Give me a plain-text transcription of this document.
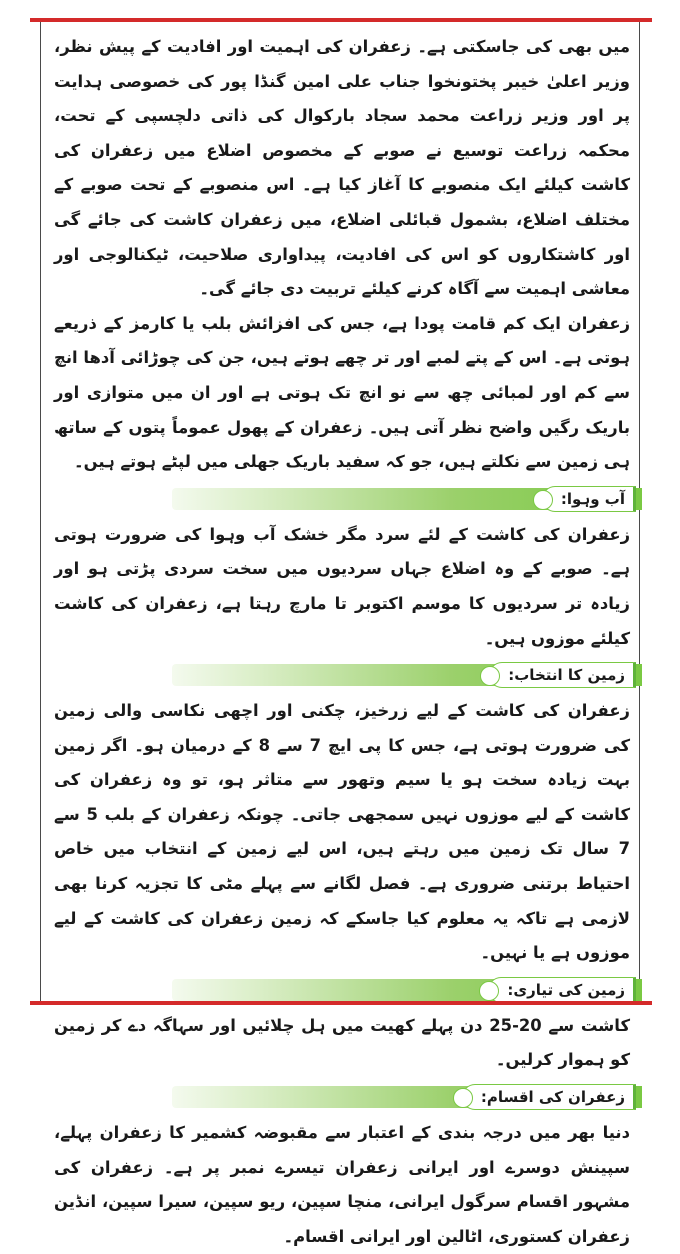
میں بھی کی جاسکتی ہے۔ زعفران کی اہمیت اور افادیت کے پیش نظر، وزیر اعلیٰ خیبر پختونخوا جناب علی امین گنڈا پور کی خصوصی ہدایت پر اور وزیر زراعت محمد سجاد بارکوال کی ذاتی دلچسپی کے تحت، محکمہ زراعت توسیع نے صوبے کے مخصوص اضلاع میں زعفران کی کاشت کیلئے ایک منصوبے کا آغاز کیا ہے۔ اس منصوبے کے تحت صوبے کے مختلف اضلاع، بشمول قبائلی اضلاع، میں زعفران کاشت کی جائے گی اور کاشتکاروں کو اس کی افادیت، پیداواری صلاحیت، ٹیکنالوجی اور معاشی اہمیت سے آگاہ کرنے کیلئے تربیت دی جائے گی۔

زعفران ایک کم قامت پودا ہے، جس کی افزائش بلب یا کارمز کے ذریعے ہوتی ہے۔ اس کے پتے لمبے اور تر چھے ہوتے ہیں، جن کی چوڑائی آدھا انچ سے کم اور لمبائی چھ سے نو انچ تک ہوتی ہے اور ان میں متوازی اور باریک رگیں واضح نظر آتی ہیں۔ زعفران کے پھول عموماً پتوں کے ساتھ ہی زمین سے نکلتے ہیں، جو کہ سفید باریک جھلی میں لپٹے ہوتے ہیں۔

آب وہوا:

زعفران کی کاشت کے لئے سرد مگر خشک آب وہوا کی ضرورت ہوتی ہے۔ صوبے کے وہ اضلاع جہاں سردیوں میں سخت سردی پڑتی ہو اور زیادہ تر سردیوں کا موسم اکتوبر تا مارچ رہتا ہے، زعفران کی کاشت کیلئے موزوں ہیں۔

زمین کا انتخاب:

زعفران کی کاشت کے لیے زرخیز، چکنی اور اچھی نکاسی والی زمین کی ضرورت ہوتی ہے، جس کا پی ایچ 7 سے 8 کے درمیان ہو۔ اگر زمین بہت زیادہ سخت ہو یا سیم وتھور سے متاثر ہو، تو وہ زعفران کی کاشت کے لیے موزوں نہیں سمجھی جاتی۔ چونکہ زعفران کے بلب 5 سے 7 سال تک زمین میں رہتے ہیں، اس لیے زمین کے انتخاب میں خاص احتیاط برتنی ضروری ہے۔ فصل لگانے سے پہلے مٹی کا تجزیہ کرنا بھی لازمی ہے تاکہ یہ معلوم کیا جاسکے کہ زمین زعفران کی کاشت کے لیے موزوں ہے یا نہیں۔

زمین کی تیاری:

کاشت سے 20-25 دن پہلے کھیت میں ہل چلائیں اور سہاگہ دے کر زمین کو ہموار کرلیں۔

زعفران کی اقسام:

دنیا بھر میں درجہ بندی کے اعتبار سے مقبوضہ کشمیر کا زعفران پہلے، سپینش دوسرے اور ایرانی زعفران تیسرے نمبر پر ہے۔ زعفران کی مشہور اقسام سرگول ایرانی، منچا سپین، ریو سپین، سیرا سپین، انڈین زعفران کستوری، اٹالین اور ایرانی اقسام۔
